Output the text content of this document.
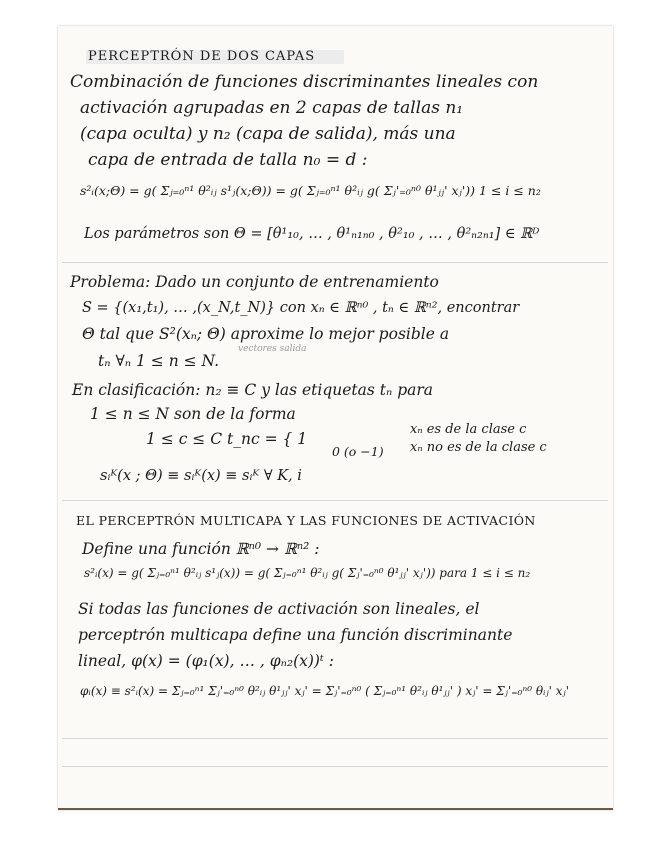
PERCEPTRÓN DE DOS CAPAS
Combinación de funciones discriminantes lineales con
activación agrupadas en 2 capas de tallas n₁
(capa oculta) y n₂ (capa de salida), más una
capa de entrada de talla n₀ = d :
s²ᵢ(x;Θ) = g( Σⱼ₌₀ⁿ¹ θ²ᵢⱼ s¹ⱼ(x;Θ)) = g( Σⱼ₌₀ⁿ¹ θ²ᵢⱼ g( Σⱼ'₌₀ⁿ⁰ θ¹ⱼⱼ' xⱼ')) 1 ≤ i ≤ n₂
Los parámetros son Θ = [θ¹₁₀, … , θ¹ₙ₁ₙ₀ , θ²₁₀ , … , θ²ₙ₂ₙ₁] ∈ ℝᴰ
Problema: Dado un conjunto de entrenamiento
S = {(x₁,t₁), … ,(x_N,t_N)} con xₙ ∈ ℝⁿ⁰ , tₙ ∈ ℝⁿ², encontrar
Θ tal que S²(xₙ; Θ) aproxime lo mejor posible a
vectores salida
tₙ ∀ₙ 1 ≤ n ≤ N.
En clasificación: n₂ ≡ C y las etiquetas tₙ para
1 ≤ n ≤ N son de la forma
1 ≤ c ≤ C t_nc = { 1
0 (o −1)
xₙ es de la clase c
xₙ no es de la clase c
sᵢᴷ(x ; Θ) ≡ sᵢᴷ(x) ≡ sᵢᴷ ∀ K, i
EL PERCEPTRÓN MULTICAPA Y LAS FUNCIONES DE ACTIVACIÓN
Define una función ℝⁿ⁰ → ℝⁿ² :
s²ᵢ(x) = g( Σⱼ₌₀ⁿ¹ θ²ᵢⱼ s¹ⱼ(x)) = g( Σⱼ₌₀ⁿ¹ θ²ᵢⱼ g( Σⱼ'₌₀ⁿ⁰ θ¹ⱼⱼ' xⱼ')) para 1 ≤ i ≤ n₂
Si todas las funciones de activación son lineales, el
perceptrón multicapa define una función discriminante
lineal, φ(x) = (φ₁(x), … , φₙ₂(x))ᵗ :
φᵢ(x) ≡ s²ᵢ(x) = Σⱼ₌₀ⁿ¹ Σⱼ'₌₀ⁿ⁰ θ²ᵢⱼ θ¹ⱼⱼ' xⱼ' = Σⱼ'₌₀ⁿ⁰ ( Σⱼ₌₀ⁿ¹ θ²ᵢⱼ θ¹ⱼⱼ' ) xⱼ' = Σⱼ'₌₀ⁿ⁰ θᵢⱼ' xⱼ'
